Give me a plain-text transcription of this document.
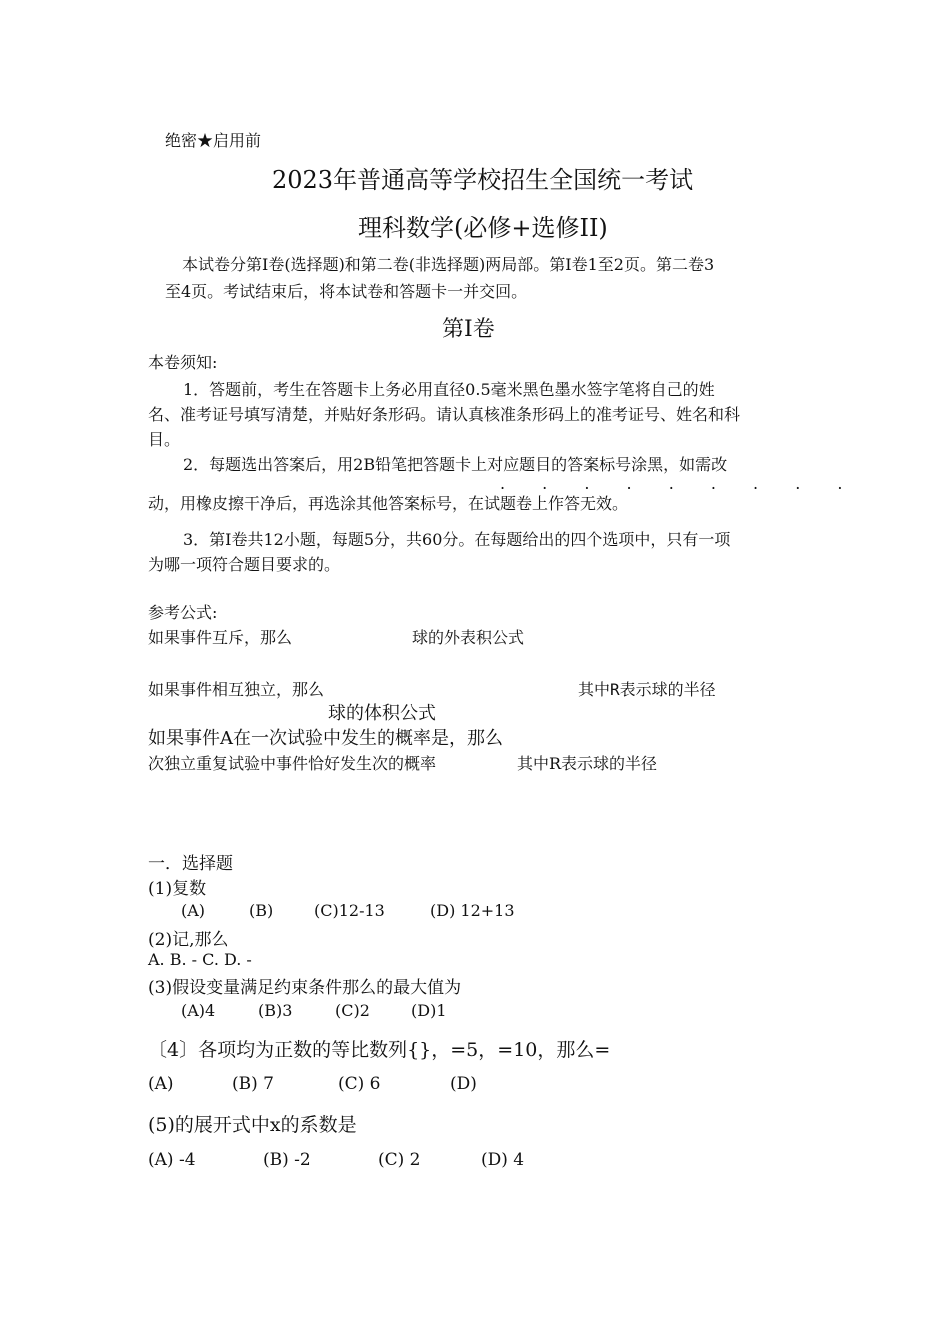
绝密★启用前
2023年普通高等学校招生全国统一考试
理科数学(必修+选修II)
本试卷分第Ⅰ卷(选择题)和第二卷(非选择题)两局部。第Ⅰ卷1至2页。第二卷3
至4页。考试结束后，将本试卷和答题卡一并交回。
第Ⅰ卷
本卷须知:
1．答题前，考生在答题卡上务必用直径0.5毫米黑色墨水签字笔将自己的姓
名、准考证号填写清楚，并贴好条形码。请认真核准条形码上的准考证号、姓名和科
目。
2．每题选出答案后，用2B铅笔把答题卡上对应题目的答案标号涂黑，如需改
. . . . . . . . .
动，用橡皮擦干净后，再选涂其他答案标号，在试题卷上作答无效。
3．第Ⅰ卷共12小题，每题5分，共60分。在每题给出的四个选项中，只有一项
为哪一项符合题目要求的。
参考公式:
如果事件互斥，那么	球的外表积公式
如果事件相互独立，那么	其中R表示球的半径
球的体积公式
如果事件A在一次试验中发生的概率是，那么
次独立重复试验中事件恰好发生次的概率	其中R表示球的半径
一．选择题
(1)复数
(A)	(B)	(C)12-13	(D) 12+13
(2)记,那么
A. B. - C. D. -
(3)假设变量满足约束条件那么的最大值为
(A)4	(B)3	(C)2	(D)1
〔4〕各项均为正数的等比数列{}，=5，=10，那么=
(A)	(B) 7	(C) 6	(D)
(5)的展开式中x的系数是
(A) -4	(B) -2	(C) 2	(D) 4
